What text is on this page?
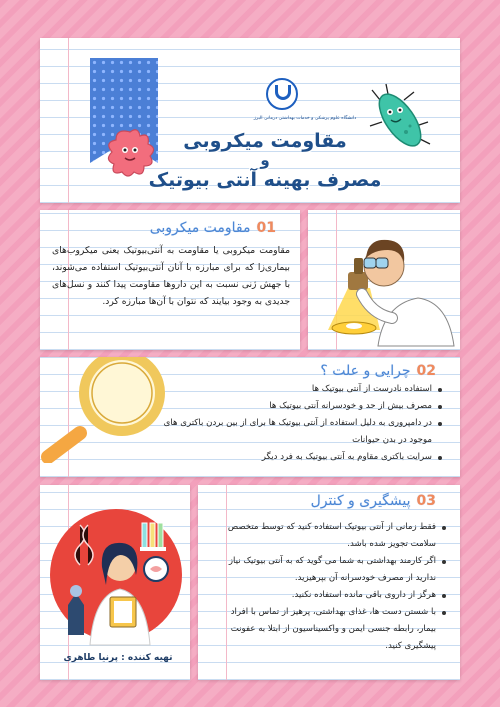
دانشگاه علوم پزشکی و خدمات بهداشتی درمانی البرز
مقاومت میکروبی
و
مصرف بهینه آنتی بیوتیک
01مقاومت میکروبی
مقاومت میکروبی یا مقاومت به آنتی‌بیوتیک یعنی میکروب‌های بیماری‌زا که برای مبارزه با آنان آنتی‌بیوتیک استفاده می‌شوند، با جهش ژنی نسبت به این داروها مقاومت پیدا کنند و نسل‌های جدیدی به وجود بیایند که نتوان با آن‌ها مبارزه کرد.
02چرایی و علت ؟
استفاده نادرست از آنتی بیوتیک ها
مصرف بیش از حد و خودسرانه آنتی بیوتیک ها
در دامپروری به دلیل استفاده از آنتی بیوتیک ها برای از بین بردن باکتری های موجود در بدن حیوانات
سرایت باکتری مقاوم به آنتی بیوتیک به فرد دیگر
تهیه کننده : پرنیا طاهری
03پیشگیری و کنترل
فقط زمانی از آنتی بیوتیک استفاده کنید که توسط متخصص سلامت تجویز شده باشد.
اگر کارمند بهداشتی به شما می گوید که به آنتی بیوتیک نیاز ندارید از مصرف خودسرانه آن بپرهیزید.
هرگز از داروی باقی مانده استفاده نکنید.
با شستن دست ها، غذای بهداشتی، پرهیز از تماس با افراد بیمار، رابطه جنسی ایمن و واکسیناسیون از ابتلا به عفونت پیشگیری کنید.
